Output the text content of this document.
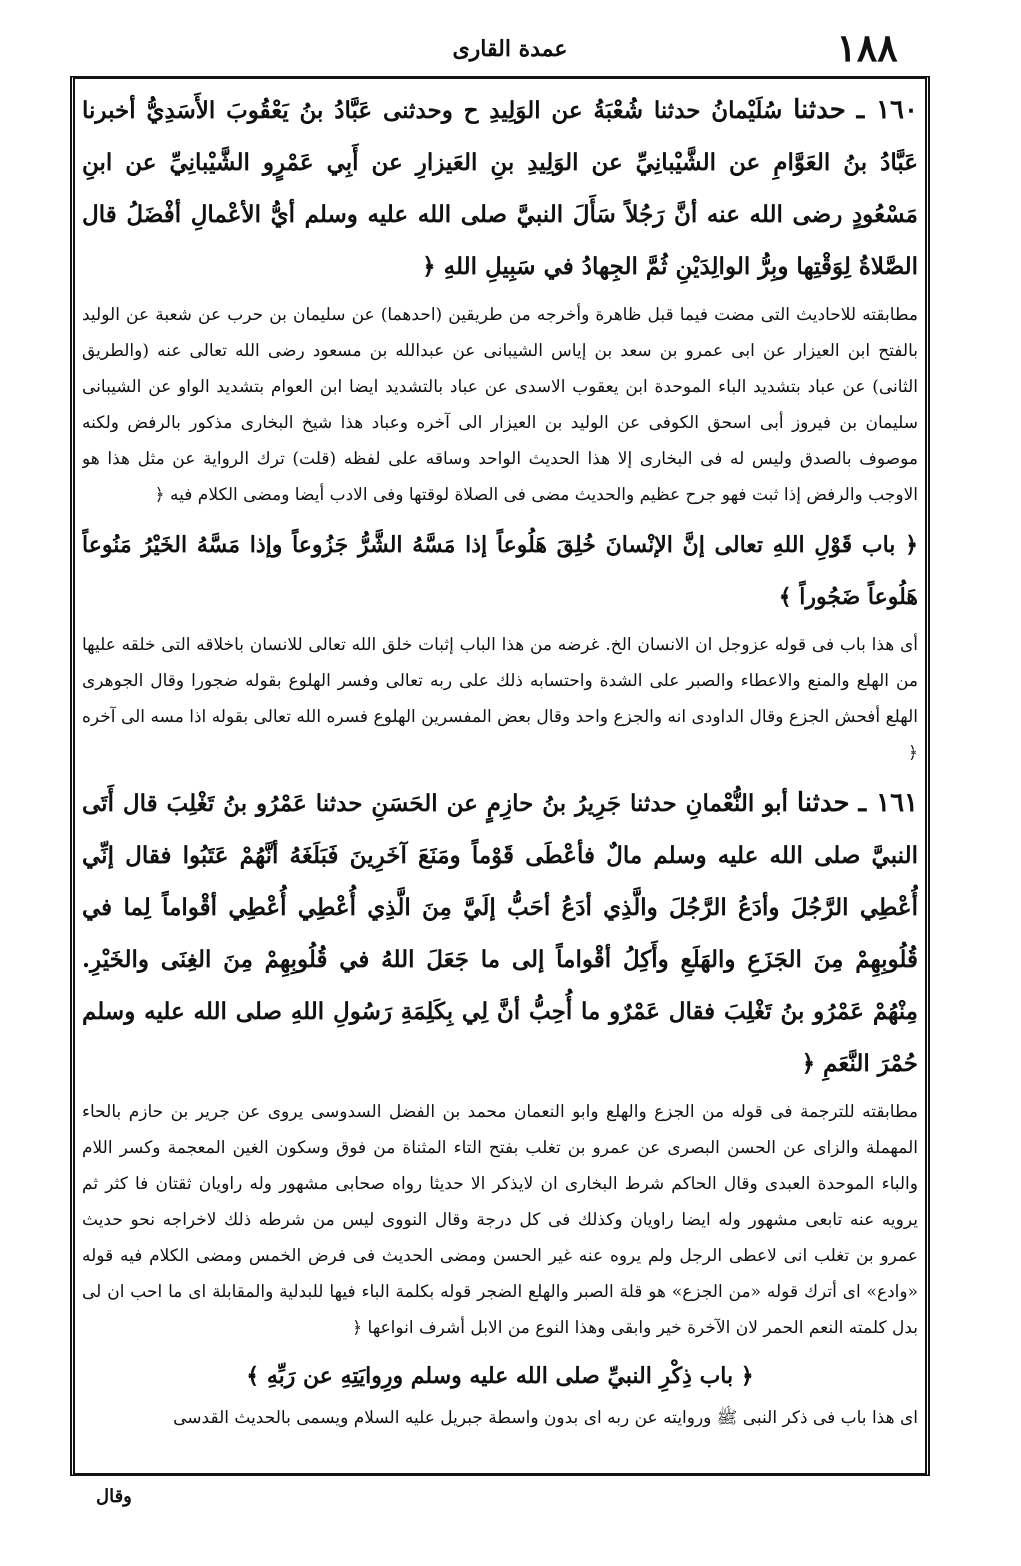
١٨٨
عمدة القارى

١٦٠ ـ حدثنا سُلَيْمانُ حدثنا شُعْبَةُ عن الوَلِيدِ ح وحدثنى عَبَّادُ بنُ يَعْقُوبَ الأَسَدِيُّ أخبرنا عَبَّادُ بنُ العَوَّامِ عن الشَّيْبانِيِّ عن الوَلِيدِ بنِ العَيزارِ عن أَبِي عَمْرٍو الشَّيْبانِيِّ عن ابنِ مَسْعُودٍ رضى الله عنه أنَّ رَجُلاً سَأَلَ النبيَّ صلى الله عليه وسلم أيُّ الأعْمالِ أفْضَلُ قال الصَّلاةُ لِوَقْتِها وبِرُّ الوالِدَيْنِ ثُمَّ الجِهادُ في سَبِيلِ اللهِ ﴿

مطابقته للاحاديث التى مضت فيما قبل ظاهرة وأخرجه من طريقين (احدهما) عن سليمان بن حرب عن شعبة عن الوليد بالفتح ابن العيزار عن ابى عمرو بن سعد بن إياس الشيبانى عن عبدالله بن مسعود رضى الله تعالى عنه (والطريق الثانى) عن عباد بتشديد الباء الموحدة ابن يعقوب الاسدى عن عباد بالتشديد ايضا ابن العوام بتشديد الواو عن الشيبانى سليمان بن فيروز أبى اسحق الكوفى عن الوليد بن العيزار الى آخره وعباد هذا شيخ البخارى مذكور بالرفض ولكنه موصوف بالصدق وليس له فى البخارى إلا هذا الحديث الواحد وساقه على لفظه (قلت) ترك الرواية عن مثل هذا هو الاوجب والرفض إذا ثبت فهو جرح عظيم والحديث مضى فى الصلاة لوقتها وفى الادب أيضا ومضى الكلام فيه ﴿

﴿ باب قَوْلِ اللهِ تعالى إنَّ الإنْسانَ خُلِقَ هَلُوعاً إذا مَسَّهُ الشَّرُّ جَزُوعاً وإذا مَسَّهُ الخَيْرُ مَنُوعاً هَلُوعاً ضَجُوراً ﴾

أى هذا باب فى قوله عزوجل ان الانسان الخ. غرضه من هذا الباب إثبات خلق الله تعالى للانسان باخلاقه التى خلقه عليها من الهلع والمنع والاعطاء والصبر على الشدة واحتسابه ذلك على ربه تعالى وفسر الهلوع بقوله ضجورا وقال الجوهرى الهلع أفحش الجزع وقال الداودى انه والجزع واحد وقال بعض المفسرين الهلوع فسره الله تعالى بقوله اذا مسه الى آخره ﴿

١٦١ ـ حدثنا أبو النُّعْمانِ حدثنا جَرِيرُ بنُ حازِمٍ عن الحَسَنِ حدثنا عَمْرُو بنُ تَغْلِبَ قال أَتَى النبيَّ صلى الله عليه وسلم مالٌ فأعْطَى قَوْماً ومَنَعَ آخَرِينَ فَبَلَغَهُ أنَّهُمْ عَتَبُوا فقال إنِّي أُعْطِي الرَّجُلَ وأدَعُ الرَّجُلَ والَّذِي أدَعُ أحَبُّ إلَيَّ مِنَ الَّذِي أُعْطِي أُعْطِي أقْواماً لِما في قُلُوبِهِمْ مِنَ الجَزَعِ والهَلَعِ وأَكِلُ أقْواماً إلى ما جَعَلَ اللهُ في قُلُوبِهِمْ مِنَ الغِنَى والخَيْرِ. مِنْهُمْ عَمْرُو بنُ تَغْلِبَ فقال عَمْرٌو ما أُحِبُّ أنَّ لِي بِكَلِمَةِ رَسُولِ اللهِ صلى الله عليه وسلم حُمْرَ النَّعَمِ ﴿

مطابقته للترجمة فى قوله من الجزع والهلع وابو النعمان محمد بن الفضل السدوسى يروى عن جرير بن حازم بالحاء المهملة والزاى عن الحسن البصرى عن عمرو بن تغلب بفتح التاء المثناة من فوق وسكون الغين المعجمة وكسر اللام والباء الموحدة العبدى وقال الحاكم شرط البخارى ان لايذكر الا حديثا رواه صحابى مشهور وله راويان ثقتان فا كثر ثم يرويه عنه تابعى مشهور وله ايضا راويان وكذلك فى كل درجة وقال النووى ليس من شرطه ذلك لاخراجه نحو حديث عمرو بن تغلب انى لاعطى الرجل ولم يروه عنه غير الحسن ومضى الحديث فى فرض الخمس ومضى الكلام فيه قوله «وادع» اى أترك قوله «من الجزع» هو قلة الصبر والهلع الضجر قوله بكلمة الباء فيها للبدلية والمقابلة اى ما احب ان لى بدل كلمته النعم الحمر لان الآخرة خير وابقى وهذا النوع من الابل أشرف انواعها ﴿

﴿ باب ذِكْرِ النبيِّ صلى الله عليه وسلم ورِوايَتِهِ عن رَبِّهِ ﴾

اى هذا باب فى ذكر النبى ﷺ وروايته عن ربه اى بدون واسطة جبريل عليه السلام ويسمى بالحديث القدسى

وقال
